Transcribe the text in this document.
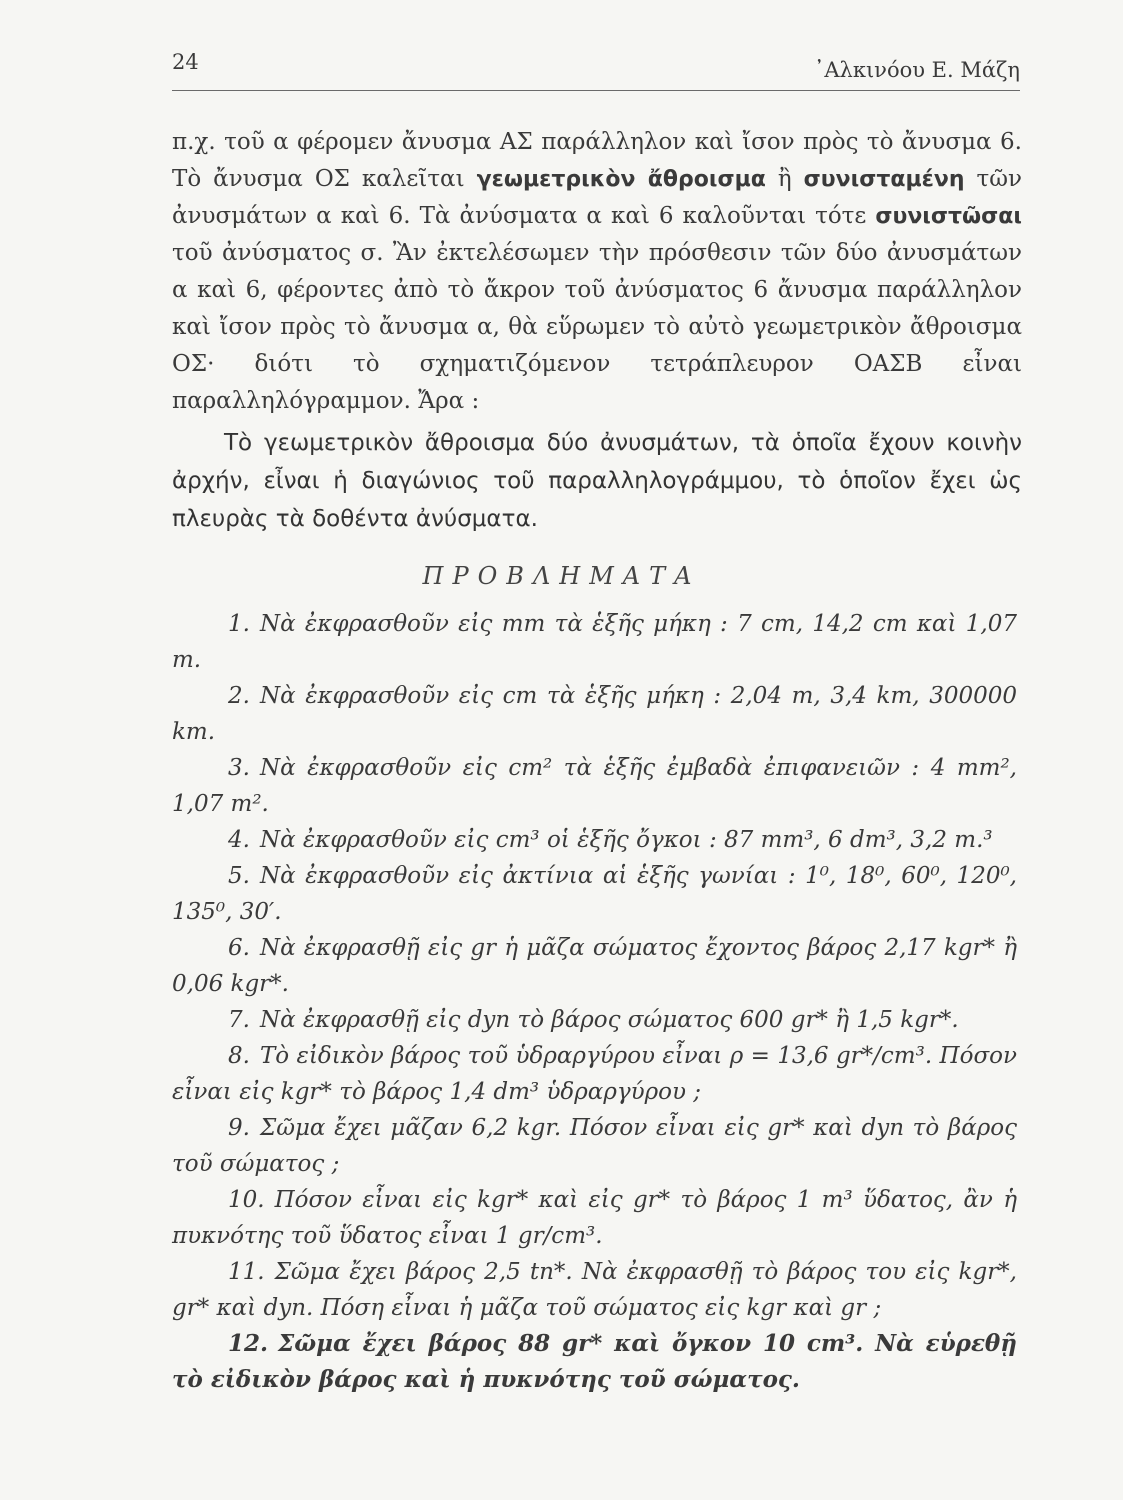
24	᾿Αλκινόου Ε. Μάζη

π.χ. τοῦ α φέρομεν ἄνυσμα ΑΣ παράλληλον καὶ ἴσον πρὸς τὸ ἄνυσμα 6. Τὸ ἄνυσμα ΟΣ καλεῖται γεωμετρικὸν ἄθροισμα ἢ συνισταμένη τῶν ἀνυσμάτων α καὶ 6. Τὰ ἀνύσματα α καὶ 6 καλοῦνται τότε συνιστῶσαι τοῦ ἀνύσματος σ. Ἂν ἐκτελέσωμεν τὴν πρόσθεσιν τῶν δύο ἀνυσμάτων α καὶ 6, φέροντες ἀπὸ τὸ ἄκρον τοῦ ἀνύσματος 6 ἄνυσμα παράλληλον καὶ ἴσον πρὸς τὸ ἄνυσμα α, θὰ εὕρωμεν τὸ αὐτὸ γεωμετρικὸν ἄθροισμα ΟΣ· διότι τὸ σχηματιζόμενον τετράπλευρον ΟΑΣΒ εἶναι παραλληλόγραμμον. Ἄρα :

Τὸ γεωμετρικὸν ἄθροισμα δύο ἀνυσμάτων, τὰ ὁποῖα ἔχουν κοινὴν ἀρχήν, εἶναι ἡ διαγώνιος τοῦ παραλληλογράμμου, τὸ ὁποῖον ἔχει ὡς πλευρὰς τὰ δοθέντα ἀνύσματα.

ΠΡΟΒΛΗΜΑΤΑ

1. Νὰ ἐκφρασθοῦν εἰς mm τὰ ἑξῆς μήκη : 7 cm, 14,2 cm καὶ 1,07 m.

2. Νὰ ἐκφρασθοῦν εἰς cm τὰ ἑξῆς μήκη : 2,04 m, 3,4 km, 300000 km.

3. Νὰ ἐκφρασθοῦν εἰς cm² τὰ ἑξῆς ἐμβαδὰ ἐπιφανειῶν : 4 mm², 1,07 m².

4. Νὰ ἐκφρασθοῦν εἰς cm³ οἱ ἑξῆς ὄγκοι : 87 mm³, 6 dm³, 3,2 m.³

5. Νὰ ἐκφρασθοῦν εἰς ἀκτίνια αἱ ἑξῆς γωνίαι : 1⁰, 18⁰, 60⁰, 120⁰, 135⁰, 30′.

6. Νὰ ἐκφρασθῇ εἰς gr ἡ μᾶζα σώματος ἔχοντος βάρος 2,17 kgr* ἢ 0,06 kgr*.

7. Νὰ ἐκφρασθῇ εἰς dyn τὸ βάρος σώματος 600 gr* ἢ 1,5 kgr*.

8. Τὸ εἰδικὸν βάρος τοῦ ὑδραργύρου εἶναι ρ = 13,6 gr*/cm³. Πόσον εἶναι εἰς kgr* τὸ βάρος 1,4 dm³ ὑδραργύρου ;

9. Σῶμα ἔχει μᾶζαν 6,2 kgr. Πόσον εἶναι εἰς gr* καὶ dyn τὸ βάρος τοῦ σώματος ;

10. Πόσον εἶναι εἰς kgr* καὶ εἰς gr* τὸ βάρος 1 m³ ὕδατος, ἂν ἡ πυκνότης τοῦ ὕδατος εἶναι 1 gr/cm³.

11. Σῶμα ἔχει βάρος 2,5 tn*. Νὰ ἐκφρασθῇ τὸ βάρος του εἰς kgr*, gr* καὶ dyn. Πόση εἶναι ἡ μᾶζα τοῦ σώματος εἰς kgr καὶ gr ;

12. Σῶμα ἔχει βάρος 88 gr* καὶ ὄγκον 10 cm³. Νὰ εὑρεθῇ τὸ εἰδικὸν βάρος καὶ ἡ πυκνότης τοῦ σώματος.
